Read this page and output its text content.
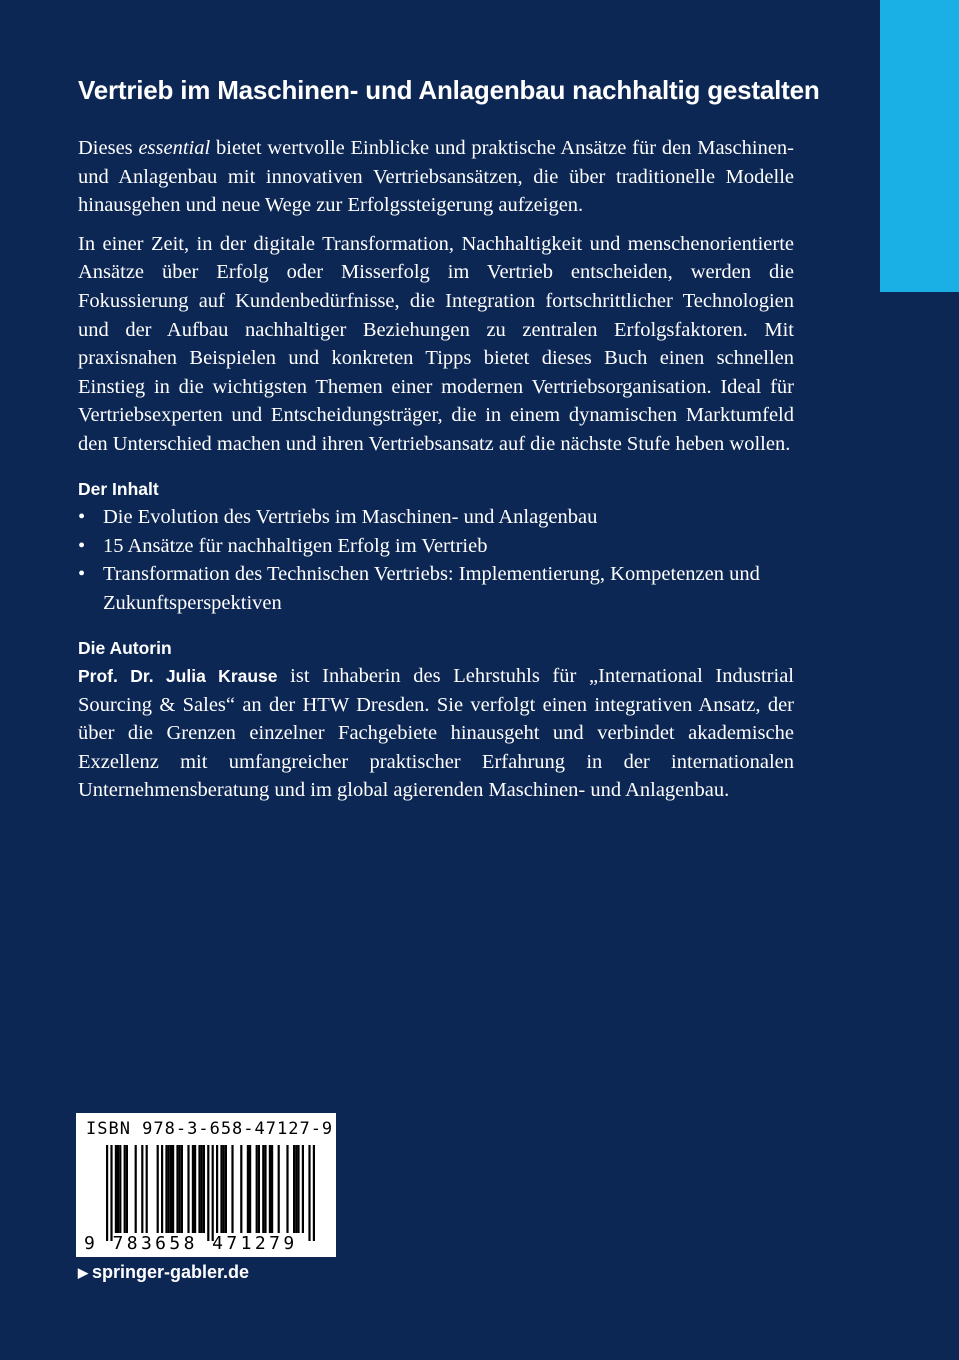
Vertrieb im Maschinen- und Anlagenbau nachhaltig gestalten

Dieses essential bietet wertvolle Einblicke und praktische Ansätze für den Maschinen- und Anlagenbau mit innovativen Vertriebsansätzen, die über traditionelle Modelle hinausgehen und neue Wege zur Erfolgssteigerung aufzeigen.

In einer Zeit, in der digitale Transformation, Nachhaltigkeit und menschenorientierte Ansätze über Erfolg oder Misserfolg im Vertrieb entscheiden, werden die Fokussierung auf Kundenbedürfnisse, die Integration fortschrittlicher Technologien und der Aufbau nachhaltiger Beziehungen zu zentralen Erfolgsfaktoren. Mit praxisnahen Beispielen und konkreten Tipps bietet dieses Buch einen schnellen Einstieg in die wichtigsten Themen einer modernen Vertriebsorganisation. Ideal für Vertriebsexperten und Entscheidungsträger, die in einem dynamischen Marktumfeld den Unterschied machen und ihren Vertriebsansatz auf die nächste Stufe heben wollen.

Der Inhalt
• Die Evolution des Vertriebs im Maschinen- und Anlagenbau
• 15 Ansätze für nachhaltigen Erfolg im Vertrieb
• Transformation des Technischen Vertriebs: Implementierung, Kompetenzen und Zukunftsperspektiven
Die Autorin

Prof. Dr. Julia Krause ist Inhaberin des Lehrstuhls für „International Industrial Sourcing & Sales“ an der HTW Dresden. Sie verfolgt einen integrativen Ansatz, der über die Grenzen einzelner Fachgebiete hinausgeht und verbindet akademische Exzellenz mit umfangreicher praktischer Erfahrung in der internationalen Unternehmensberatung und im global agierenden Maschinen- und Anlagenbau.

ISBN 978-3-658-47127-9
9 783658 471279
▶ springer-gabler.de
